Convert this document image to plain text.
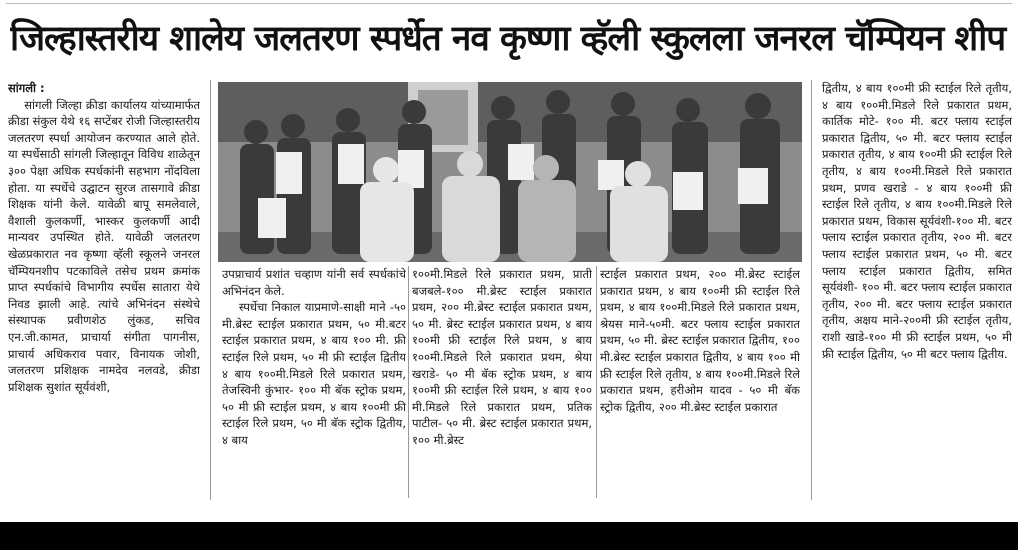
जिल्हास्तरीय शालेय जलतरण स्पर्धेत नव कृष्णा व्हॅली स्कुलला जनरल चॅम्पियन शीप

सांगली :

सांगली जिल्हा क्रीडा कार्यालय यांच्यामार्फत क्रीडा संकुल येथे १६ सप्टेंबर रोजी जिल्हास्तरीय जलतरण स्पर्धा आयोजन करण्यात आले होते. या स्पर्धेसाठी सांगली जिल्हातून विविध शाळेतून ३०० पेक्षा अधिक स्पर्धकांनी सहभाग नोंदविला होता. या स्पर्धेचे उद्घाटन सुरज तासगावे क्रीडा शिक्षक यांनी केले. यावेळी बापू समलेवाले, वैशाली कुलकर्णी, भास्कर कुलकर्णी आदी मान्यवर उपस्थित होते. यावेळी जलतरण खेळप्रकारात नव कृष्णा व्हॅली स्कूलने जनरल चॅम्पियनशीप पटकाविले तसेच प्रथम क्रमांक प्राप्त स्पर्धकांचे विभागीय स्पर्धेस सातारा येथे निवड झाली आहे. त्यांचे अभिनंदन संस्थेचे संस्थापक प्रवीणशेठ लुंकड, सचिव एन.जी.कामत, प्राचार्या संगीता पागनीस, प्राचार्य अधिकराव पवार, विनायक जोशी, जलतरण प्रशिक्षक नामदेव नलवडे, क्रीडा प्रशिक्षक सुशांत सूर्यवंशी,

उपप्राचार्य प्रशांत चव्हाण यांनी सर्व स्पर्धकांचे अभिनंदन केले.

स्पर्धेचा निकाल याप्रमाणे-साक्षी माने -५० मी.ब्रेस्ट स्टाईल प्रकारात प्रथम, ५० मी.बटर स्टाईल प्रकारात प्रथम, ४ बाय १०० मी. फ्री स्टाईल रिले प्रथम, ५० मी फ्री स्टाईल द्वितीय ४ बाय १००मी.मिडले रिले प्रकारात प्रथम, तेजस्विनी कुंभार- १०० मी बॅक स्ट्रोक प्रथम, ५० मी फ्री स्टाईल प्रथम, ४ बाय १००मी फ्री स्टाईल रिले प्रथम, ५० मी बॅक स्ट्रोक द्वितीय, ४ बाय

१००मी.मिडले रिले प्रकारात प्रथम, प्राती बजबले-१०० मी.ब्रेस्ट स्टाईल प्रकारात प्रथम, २०० मी.ब्रेस्ट स्टाईल प्रकारात प्रथम, ५० मी. ब्रेस्ट स्टाईल प्रकारात प्रथम, ४ बाय १००मी फ्री स्टाईल रिले प्रथम, ४ बाय १००मी.मिडले रिले प्रकारात प्रथम, श्रेया खराडे- ५० मी बॅक स्ट्रोक प्रथम, ४ बाय १००मी फ्री स्टाईल रिले प्रथम, ४ बाय १०० मी.मिडले रिले प्रकारात प्रथम, प्रतिक पाटील- ५० मी. ब्रेस्ट स्टाईल प्रकारात प्रथम, १०० मी.ब्रेस्ट

स्टाईल प्रकारात प्रथम, २०० मी.ब्रेस्ट स्टाईल प्रकारात प्रथम, ४ बाय १००मी फ्री स्टाईल रिले प्रथम, ४ बाय १००मी.मिडले रिले प्रकारात प्रथम, श्रेयस माने-५०मी. बटर फ्लाय स्टाईल प्रकारात प्रथम, ५० मी. ब्रेस्ट स्टाईल प्रकारात द्वितीय, १०० मी.ब्रेस्ट स्टाईल प्रकारात द्वितीय, ४ बाय १०० मी फ्री स्टाईल रिले तृतीय, ४ बाय १००मी.मिडले रिले प्रकारात प्रथम, हरीओम यादव - ५० मी बॅक स्ट्रोक द्वितीय, २०० मी.ब्रेस्ट स्टाईल प्रकारात

द्वितीय, ४ बाय १००मी फ्री स्टाईल रिले तृतीय, ४ बाय १००मी.मिडले रिले प्रकारात प्रथम, कार्तिक मोटे- १०० मी. बटर फ्लाय स्टाईल प्रकारात द्वितीय, ५० मी. बटर फ्लाय स्टाईल प्रकारात तृतीय, ४ बाय १००मी फ्री स्टाईल रिले तृतीय, ४ बाय १००मी.मिडले रिले प्रकारात प्रथम, प्रणव खराडे - ४ बाय १००मी फ्री स्टाईल रिले तृतीय, ४ बाय १००मी.मिडले रिले प्रकारात प्रथम, विकास सूर्यवंशी-१०० मी. बटर फ्लाय स्टाईल प्रकारात तृतीय, २०० मी. बटर फ्लाय स्टाईल प्रकारात प्रथम, ५० मी. बटर फ्लाय स्टाईल प्रकारात द्वितीय, समित सूर्यवंशी- १०० मी. बटर फ्लाय स्टाईल प्रकारात तृतीय, २०० मी. बटर फ्लाय स्टाईल प्रकारात तृतीय, अक्षय माने-२००मी फ्री स्टाईल तृतीय, राशी खाडे-१०० मी फ्री स्टाईल प्रथम, ५० मी फ्री स्टाईल द्वितीय, ५० मी बटर फ्लाय द्वितीय.
